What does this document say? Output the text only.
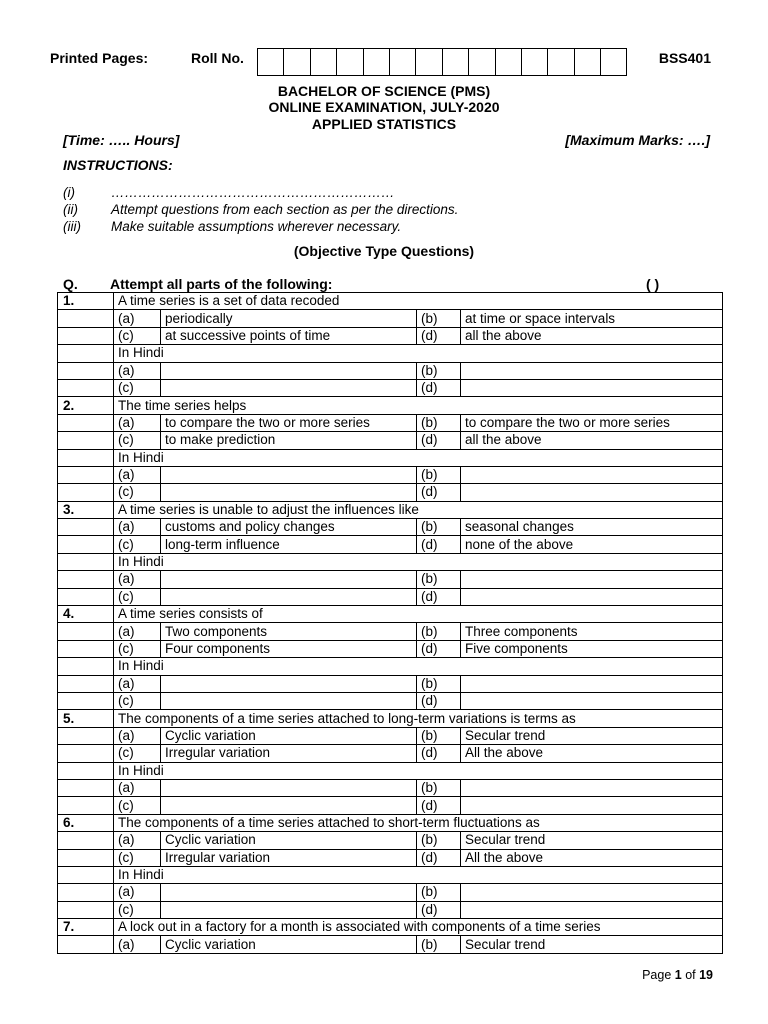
Printed Pages:	Roll No.	BSS401
BACHELOR OF SCIENCE (PMS)
ONLINE EXAMINATION, JULY-2020
APPLIED STATISTICS
[Time: ….. Hours]	[Maximum Marks: ….]
INSTRUCTIONS:
(i)	………………………………………………………
(ii) Attempt questions from each section as per the directions.
(iii) Make suitable assumptions wherever necessary.
(Objective Type Questions)
Q. Attempt all parts of the following:	( )
1.	A time series is a set of data recoded			
	(a)	periodically	(b)	at time or space intervals
	(c)	at successive points of time	(d)	all the above
	In Hindi			
	(a)		(b)	
	(c)		(d)	
2.	The time series helps			
	(a)	to compare the two or more series	(b)	to compare the two or more series
	(c)	to make prediction	(d)	all the above
	In Hindi			
	(a)		(b)	
	(c)		(d)	
3.	A time series is unable to adjust the influences like			
	(a)	customs and policy changes	(b)	seasonal changes
	(c)	long-term influence	(d)	none of the above
	In Hindi			
	(a)		(b)	
	(c)		(d)	
4.	A time series consists of			
	(a)	Two components	(b)	Three components
	(c)	Four components	(d)	Five components
	In Hindi			
	(a)		(b)	
	(c)		(d)	
5.	The components of a time series attached to long-term variations is terms as			
	(a)	Cyclic variation	(b)	Secular trend
	(c)	Irregular variation	(d)	All the above
	In Hindi			
	(a)		(b)	
	(c)		(d)	
6.	The components of a time series attached to short-term fluctuations as			
	(a)	Cyclic variation	(b)	Secular trend
	(c)	Irregular variation	(d)	All the above
	In Hindi			
	(a)		(b)	
	(c)		(d)	
7.	A lock out in a factory for a month is associated with components of a time series			
	(a)	Cyclic variation	(b)	Secular trend
Page 1 of 19
